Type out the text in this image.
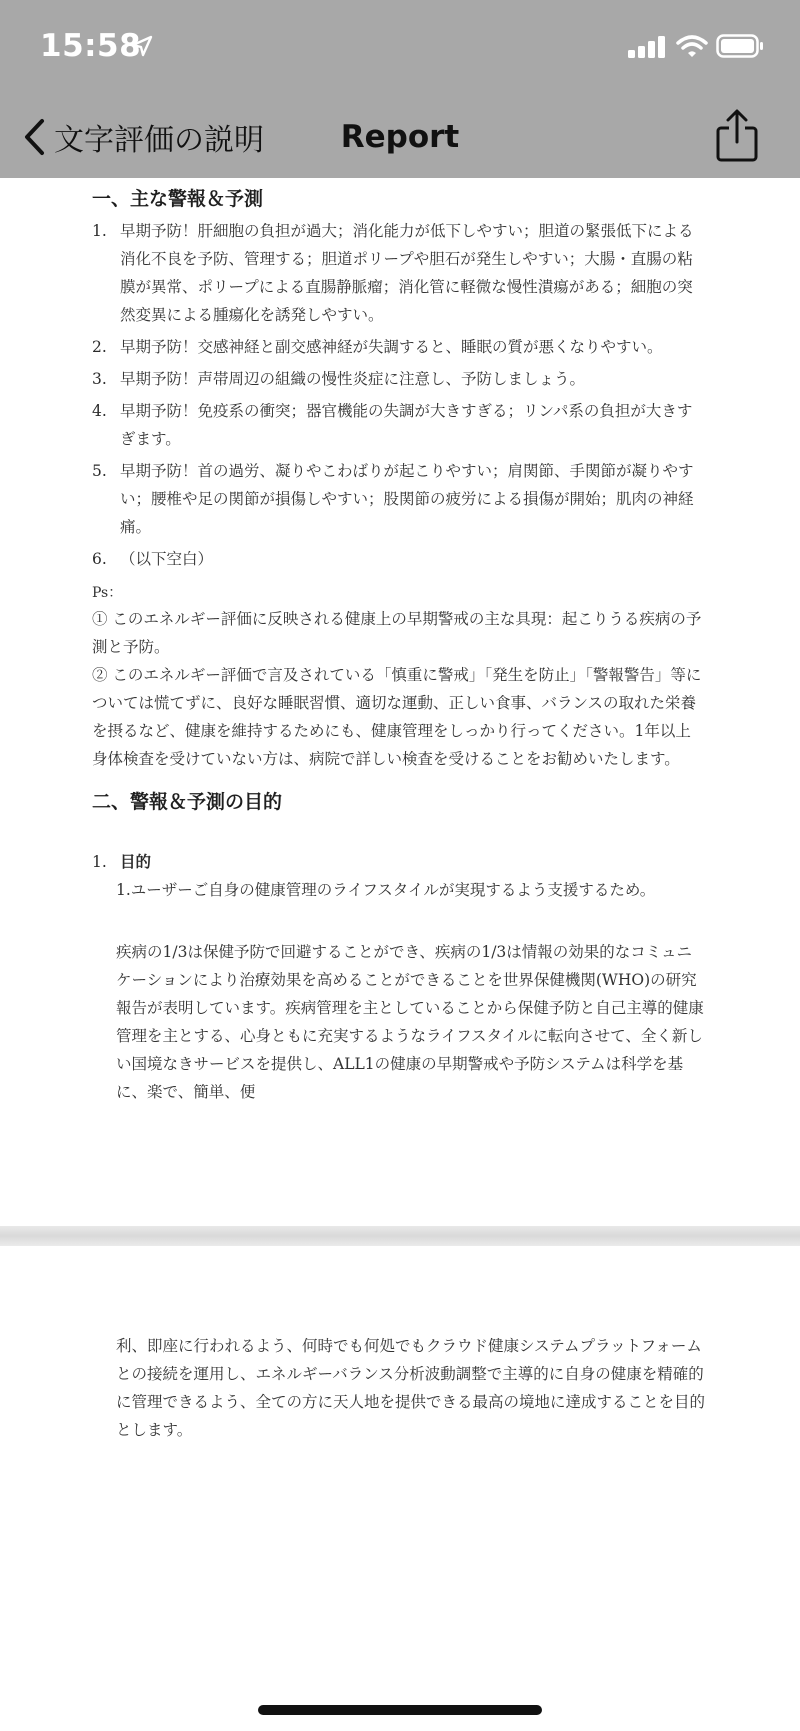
15:58
文字評価の説明	Report
一、主な警報＆予測
1. 早期予防！肝細胞の負担が過大；消化能力が低下しやすい；胆道の緊張低下による消化不良を予防、管理する；胆道ポリープや胆石が発生しやすい；大腸・直腸の粘膜が異常、ポリープによる直腸静脈瘤；消化管に軽微な慢性潰瘍がある；細胞の突然変異による腫瘍化を誘発しやすい。
2. 早期予防！交感神経と副交感神経が失調すると、睡眠の質が悪くなりやすい。
3. 早期予防！声帯周辺の組織の慢性炎症に注意し、予防しましょう。
4. 早期予防！免疫系の衝突；器官機能の失調が大きすぎる；リンパ系の負担が大きすぎます。
5. 早期予防！首の過労、凝りやこわばりが起こりやすい；肩関節、手関節が凝りやすい；腰椎や足の関節が損傷しやすい；股関節の疲労による損傷が開始；肌肉の神経痛。
6. （以下空白）
Ps：
① このエネルギー評価に反映される健康上の早期警戒の主な具現：起こりうる疾病の予測と予防。
② このエネルギー評価で言及されている「慎重に警戒」「発生を防止」「警報警告」等については慌てずに、良好な睡眠習慣、適切な運動、正しい食事、バランスの取れた栄養を摂るなど、健康を維持するためにも、健康管理をしっかり行ってください。1年以上身体検査を受けていない方は、病院で詳しい検査を受けることをお勧めいたします。
二、警報＆予測の目的
1. 目的
1.ユーザーご自身の健康管理のライフスタイルが実現するよう支援するため。
疾病の1/3は保健予防で回避することができ、疾病の1/3は情報の効果的なコミュニケーションにより治療効果を高めることができることを世界保健機関(WHO)の研究報告が表明しています。疾病管理を主としていることから保健予防と自己主導的健康管理を主とする、心身ともに充実するようなライフスタイルに転向させて、全く新しい国境なきサービスを提供し、ALL1の健康の早期警戒や予防システムは科学を基に、楽で、簡単、便
利、即座に行われるよう、何時でも何処でもクラウド健康システムプラットフォームとの接続を運用し、エネルギーバランス分析波動調整で主導的に自身の健康を精確的に管理できるよう、全ての方に天人地を提供できる最高の境地に達成することを目的とします。
